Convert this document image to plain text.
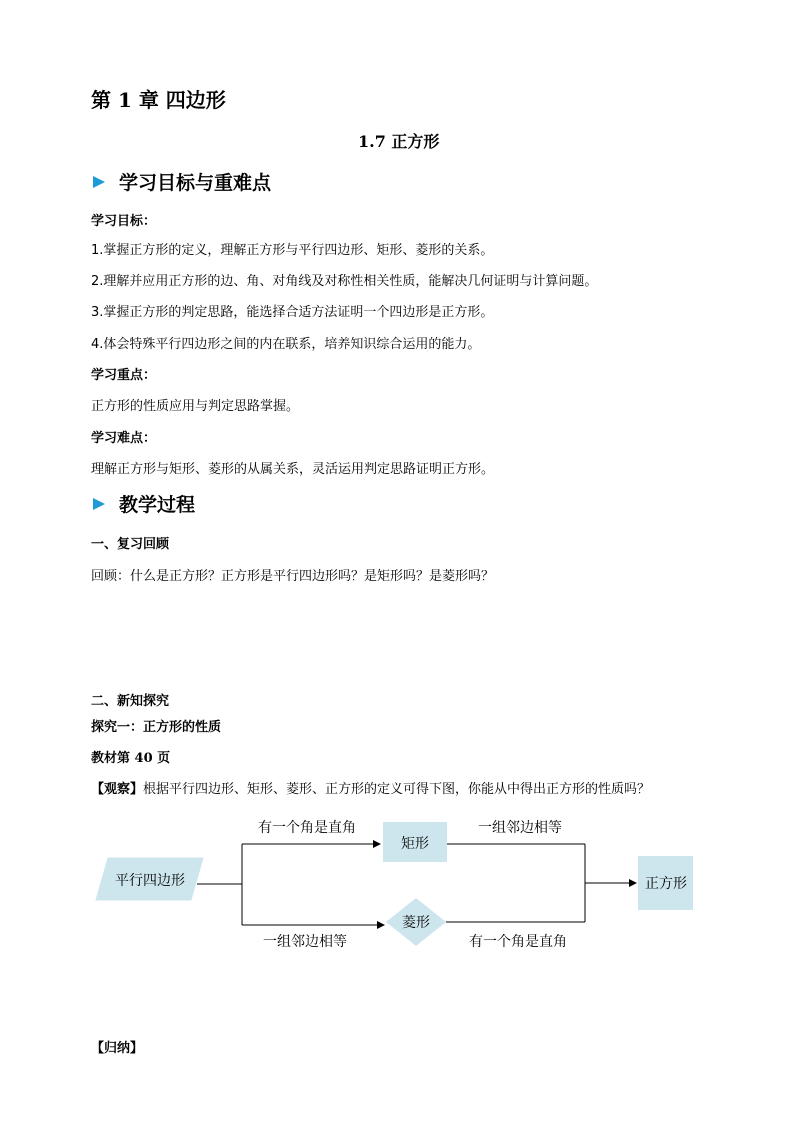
第 1 章 四边形
1.7 正方形
学习目标与重难点
学习目标：
1.掌握正方形的定义，理解正方形与平行四边形、矩形、菱形的关系。
2.理解并应用正方形的边、角、对角线及对称性相关性质，能解决几何证明与计算问题。
3.掌握正方形的判定思路，能选择合适方法证明一个四边形是正方形。
4.体会特殊平行四边形之间的内在联系，培养知识综合运用的能力。
学习重点：
正方形的性质应用与判定思路掌握。
学习难点：
理解正方形与矩形、菱形的从属关系，灵活运用判定思路证明正方形。
教学过程
一、复习回顾
回顾：什么是正方形？正方形是平行四边形吗？是矩形吗？是菱形吗？
二、新知探究
探究一：正方形的性质
教材第 40 页
【观察】根据平行四边形、矩形、菱形、正方形的定义可得下图，你能从中得出正方形的性质吗？
平行四边形
矩形
菱形
正方形
有一个角是直角	一组邻边相等
一组邻边相等	有一个角是直角
【归纳】
